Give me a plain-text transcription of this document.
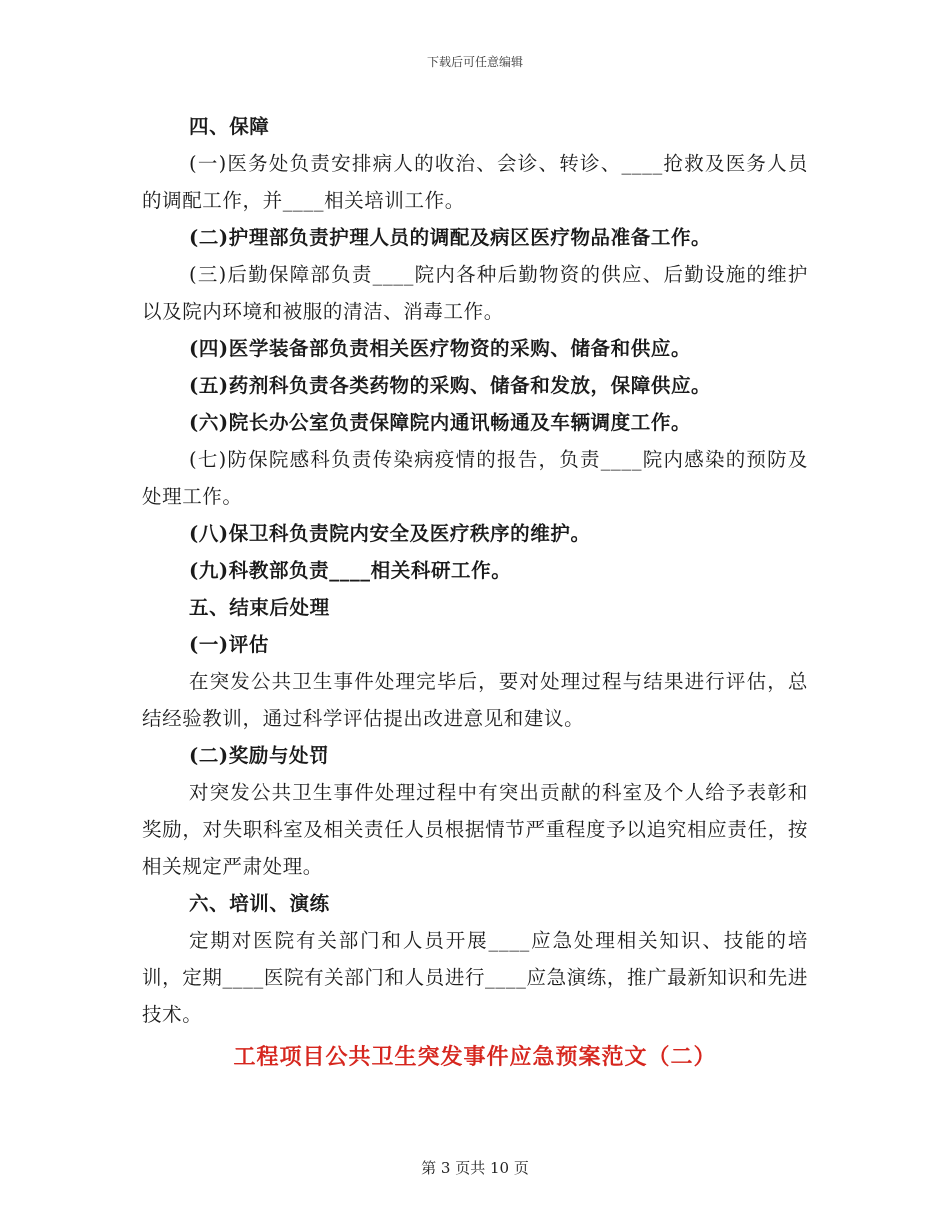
下载后可任意编辑

四、保障

(一)医务处负责安排病人的收治、会诊、转诊、____抢救及医务人员的调配工作，并____相关培训工作。

(二)护理部负责护理人员的调配及病区医疗物品准备工作。

(三)后勤保障部负责____院内各种后勤物资的供应、后勤设施的维护以及院内环境和被服的清洁、消毒工作。

(四)医学装备部负责相关医疗物资的采购、储备和供应。

(五)药剂科负责各类药物的采购、储备和发放，保障供应。

(六)院长办公室负责保障院内通讯畅通及车辆调度工作。

(七)防保院感科负责传染病疫情的报告，负责____院内感染的预防及处理工作。

(八)保卫科负责院内安全及医疗秩序的维护。

(九)科教部负责____相关科研工作。

五、结束后处理

(一)评估

在突发公共卫生事件处理完毕后，要对处理过程与结果进行评估，总结经验教训，通过科学评估提出改进意见和建议。

(二)奖励与处罚

对突发公共卫生事件处理过程中有突出贡献的科室及个人给予表彰和奖励，对失职科室及相关责任人员根据情节严重程度予以追究相应责任，按相关规定严肃处理。

六、培训、演练

定期对医院有关部门和人员开展____应急处理相关知识、技能的培训，定期____医院有关部门和人员进行____应急演练，推广最新知识和先进技术。

工程项目公共卫生突发事件应急预案范文（二）

第 3 页共 10 页
